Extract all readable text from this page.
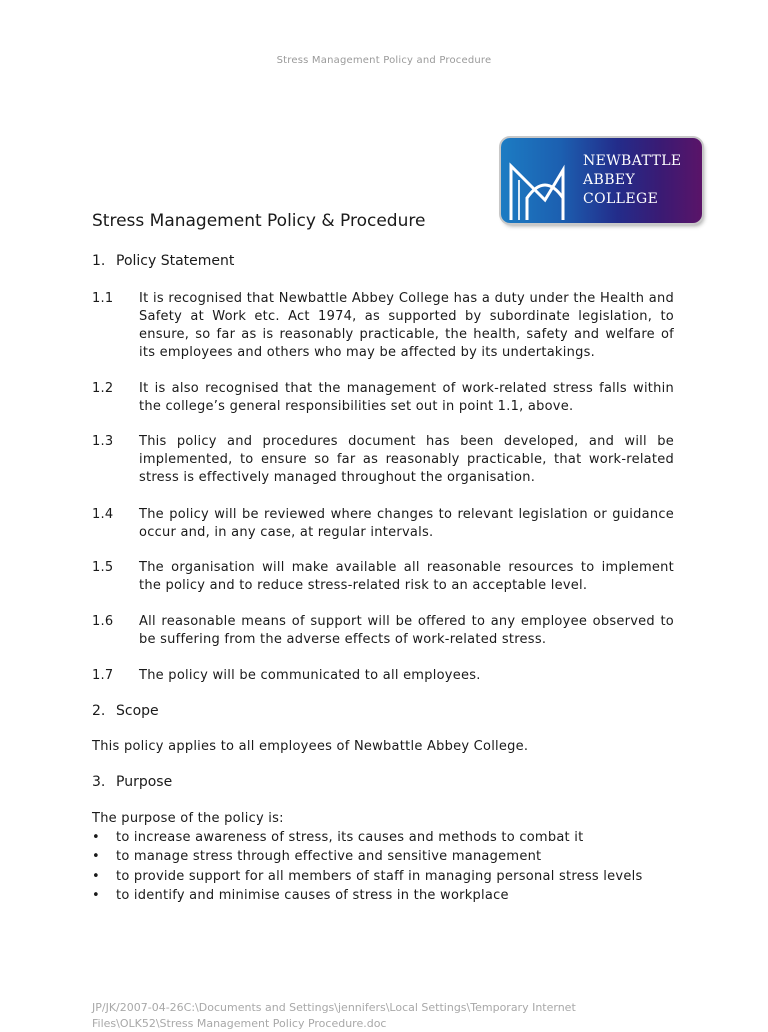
Stress Management Policy and Procedure
NEWBATTLE
ABBEY
COLLEGE
Stress Management Policy & Procedure
1. Policy Statement
1.1 It is recognised that Newbattle Abbey College has a duty under the Health and Safety at Work etc. Act 1974, as supported by subordinate legislation, to ensure, so far as is reasonably practicable, the health, safety and welfare of its employees and others who may be affected by its undertakings.
1.2 It is also recognised that the management of work-related stress falls within the college’s general responsibilities set out in point 1.1, above.
1.3 This policy and procedures document has been developed, and will be implemented, to ensure so far as reasonably practicable, that work-related stress is effectively managed throughout the organisation.
1.4 The policy will be reviewed where changes to relevant legislation or guidance occur and, in any case, at regular intervals.
1.5 The organisation will make available all reasonable resources to implement the policy and to reduce stress-related risk to an acceptable level.
1.6 All reasonable means of support will be offered to any employee observed to be suffering from the adverse effects of work-related stress.
1.7 The policy will be communicated to all employees.
2. Scope
This policy applies to all employees of Newbattle Abbey College.
3. Purpose
The purpose of the policy is:
• to increase awareness of stress, its causes and methods to combat it
• to manage stress through effective and sensitive management
• to provide support for all members of staff in managing personal stress levels
• to identify and minimise causes of stress in the workplace
JP/JK/2007-04-26C:\Documents and Settings\jennifers\Local Settings\Temporary Internet Files\OLK52\Stress Management Policy Procedure.doc
